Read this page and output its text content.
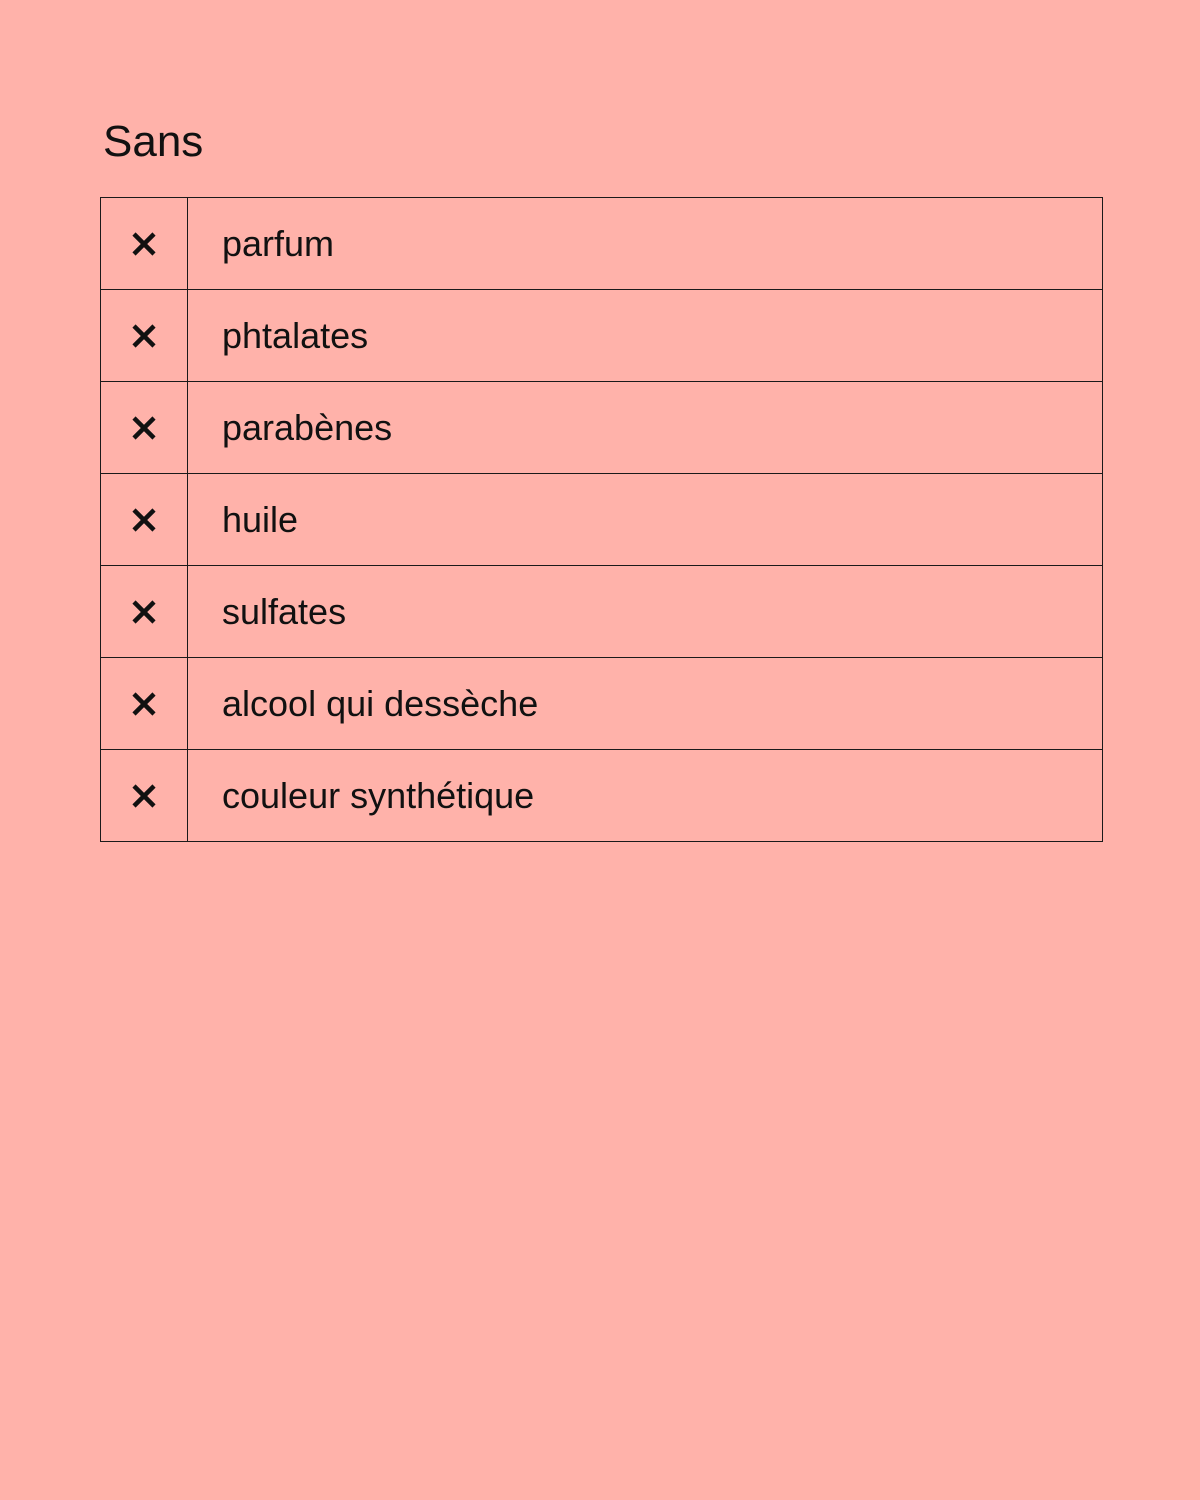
Sans
	parfum
	phtalates
	parabènes
	huile
	sulfates
	alcool qui dessèche
	couleur synthétique
